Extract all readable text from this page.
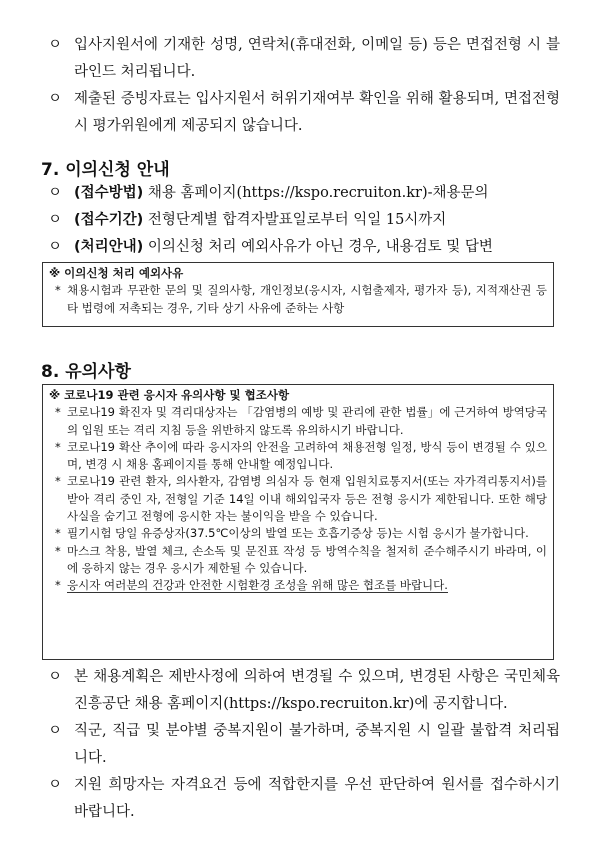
ㅇ 입사지원서에 기재한 성명, 연락처(휴대전화, 이메일 등) 등은 면접전형 시 블라인드 처리됩니다.
ㅇ 제출된 증빙자료는 입사지원서 허위기재여부 확인을 위해 활용되며, 면접전형 시 평가위원에게 제공되지 않습니다.
7. 이의신청 안내
ㅇ (접수방법) 채용 홈페이지(https://kspo.recruiton.kr)-채용문의
ㅇ (접수기간) 전형단계별 합격자발표일로부터 익일 15시까지
ㅇ (처리안내) 이의신청 처리 예외사유가 아닌 경우, 내용검토 및 답변
※ 이의신청 처리 예외사유
* 채용시험과 무관한 문의 및 질의사항, 개인정보(응시자, 시험출제자, 평가자 등), 지적재산권 등 타 법령에 저촉되는 경우, 기타 상기 사유에 준하는 사항
8. 유의사항
※ 코로나19 관련 응시자 유의사항 및 협조사항
* 코로나19 확진자 및 격리대상자는 「감염병의 예방 및 관리에 관한 법률」에 근거하여 방역당국의 입원 또는 격리 지침 등을 위반하지 않도록 유의하시기 바랍니다.
* 코로나19 확산 추이에 따라 응시자의 안전을 고려하여 채용전형 일정, 방식 등이 변경될 수 있으며, 변경 시 채용 홈페이지를 통해 안내할 예정입니다.
* 코로나19 관련 환자, 의사환자, 감염병 의심자 등 현재 입원치료통지서(또는 자가격리통지서)를 받아 격리 중인 자, 전형일 기준 14일 이내 해외입국자 등은 전형 응시가 제한됩니다. 또한 해당 사실을 숨기고 전형에 응시한 자는 불이익을 받을 수 있습니다.
* 필기시험 당일 유증상자(37.5℃이상의 발열 또는 호흡기증상 등)는 시험 응시가 불가합니다.
* 마스크 착용, 발열 체크, 손소독 및 문진표 작성 등 방역수칙을 철저히 준수해주시기 바라며, 이에 응하지 않는 경우 응시가 제한될 수 있습니다.
* 응시자 여러분의 건강과 안전한 시험환경 조성을 위해 많은 협조를 바랍니다.
ㅇ 본 채용계획은 제반사정에 의하여 변경될 수 있으며, 변경된 사항은 국민체육진흥공단 채용 홈페이지(https://kspo.recruiton.kr)에 공지합니다.
ㅇ 직군, 직급 및 분야별 중복지원이 불가하며, 중복지원 시 일괄 불합격 처리됩니다.
ㅇ 지원 희망자는 자격요건 등에 적합한지를 우선 판단하여 원서를 접수하시기 바랍니다.
